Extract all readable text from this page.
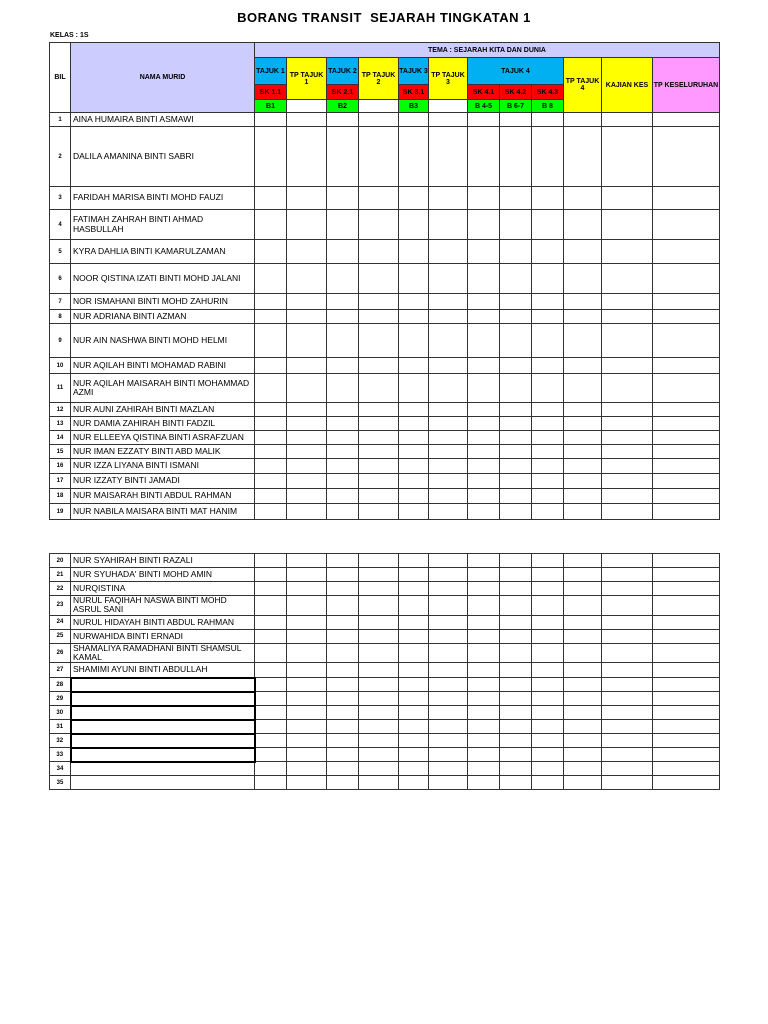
BORANG TRANSIT  SEJARAH TINGKATAN 1
KELAS : 1S
BIL	NAMA MURID	TEMA : SEJARAH KITA DAN DUNIA											
		TAJUK 1	TP TAJUK 1	TAJUK 2	TP TAJUK 2	TAJUK 3	TP TAJUK 3	TAJUK 4			TP TAJUK 4	KAJIAN KES	TP KESELURUHAN
		SK 1.1		SK 2.1		SK 3.1		SK 4.1	SK 4.2	SK 4.3			
		B1		B2		B3		B 4-5	B 6-7	B 8			
1	AINA HUMAIRA BINTI ASMAWI												
2	DALILA AMANINA BINTI SABRI												
3	FARIDAH MARISA BINTI MOHD FAUZI												
4	FATIMAH ZAHRAH BINTI AHMAD HASBULLAH												
5	KYRA DAHLIA BINTI KAMARULZAMAN												
6	NOOR QISTINA IZATI BINTI MOHD JALANI												
7	NOR ISMAHANI BINTI MOHD ZAHURIN												
8	NUR ADRIANA BINTI AZMAN												
9	NUR AIN NASHWA BINTI MOHD HELMI												
10	NUR AQILAH BINTI MOHAMAD RABINI												
11	NUR AQILAH MAISARAH BINTI MOHAMMAD AZMI												
12	NUR AUNI ZAHIRAH BINTI MAZLAN												
13	NUR DAMIA ZAHIRAH BINTI FADZIL												
14	NUR ELLEEYA QISTINA BINTI ASRAFZUAN												
15	NUR IMAN EZZATY BINTI ABD MALIK												
16	NUR IZZA LIYANA BINTI ISMANI												
17	NUR IZZATY BINTI JAMADI												
18	NUR MAISARAH BINTI ABDUL RAHMAN												
19	NUR NABILA MAISARA BINTI MAT HANIM												
20	NUR SYAHIRAH BINTI RAZALI												
21	NUR SYUHADA' BINTI MOHD AMIN												
22	NURQISTINA												
23	NURUL FAQIHAH NASWA BINTI MOHD ASRUL SANI												
24	NURUL HIDAYAH BINTI ABDUL RAHMAN												
25	NURWAHIDA BINTI ERNADI												
26	SHAMALIYA RAMADHANI BINTI SHAMSUL KAMAL												
27	SHAMIMI AYUNI BINTI ABDULLAH												
28													
29													
30													
31													
32													
33													
34													
35													
